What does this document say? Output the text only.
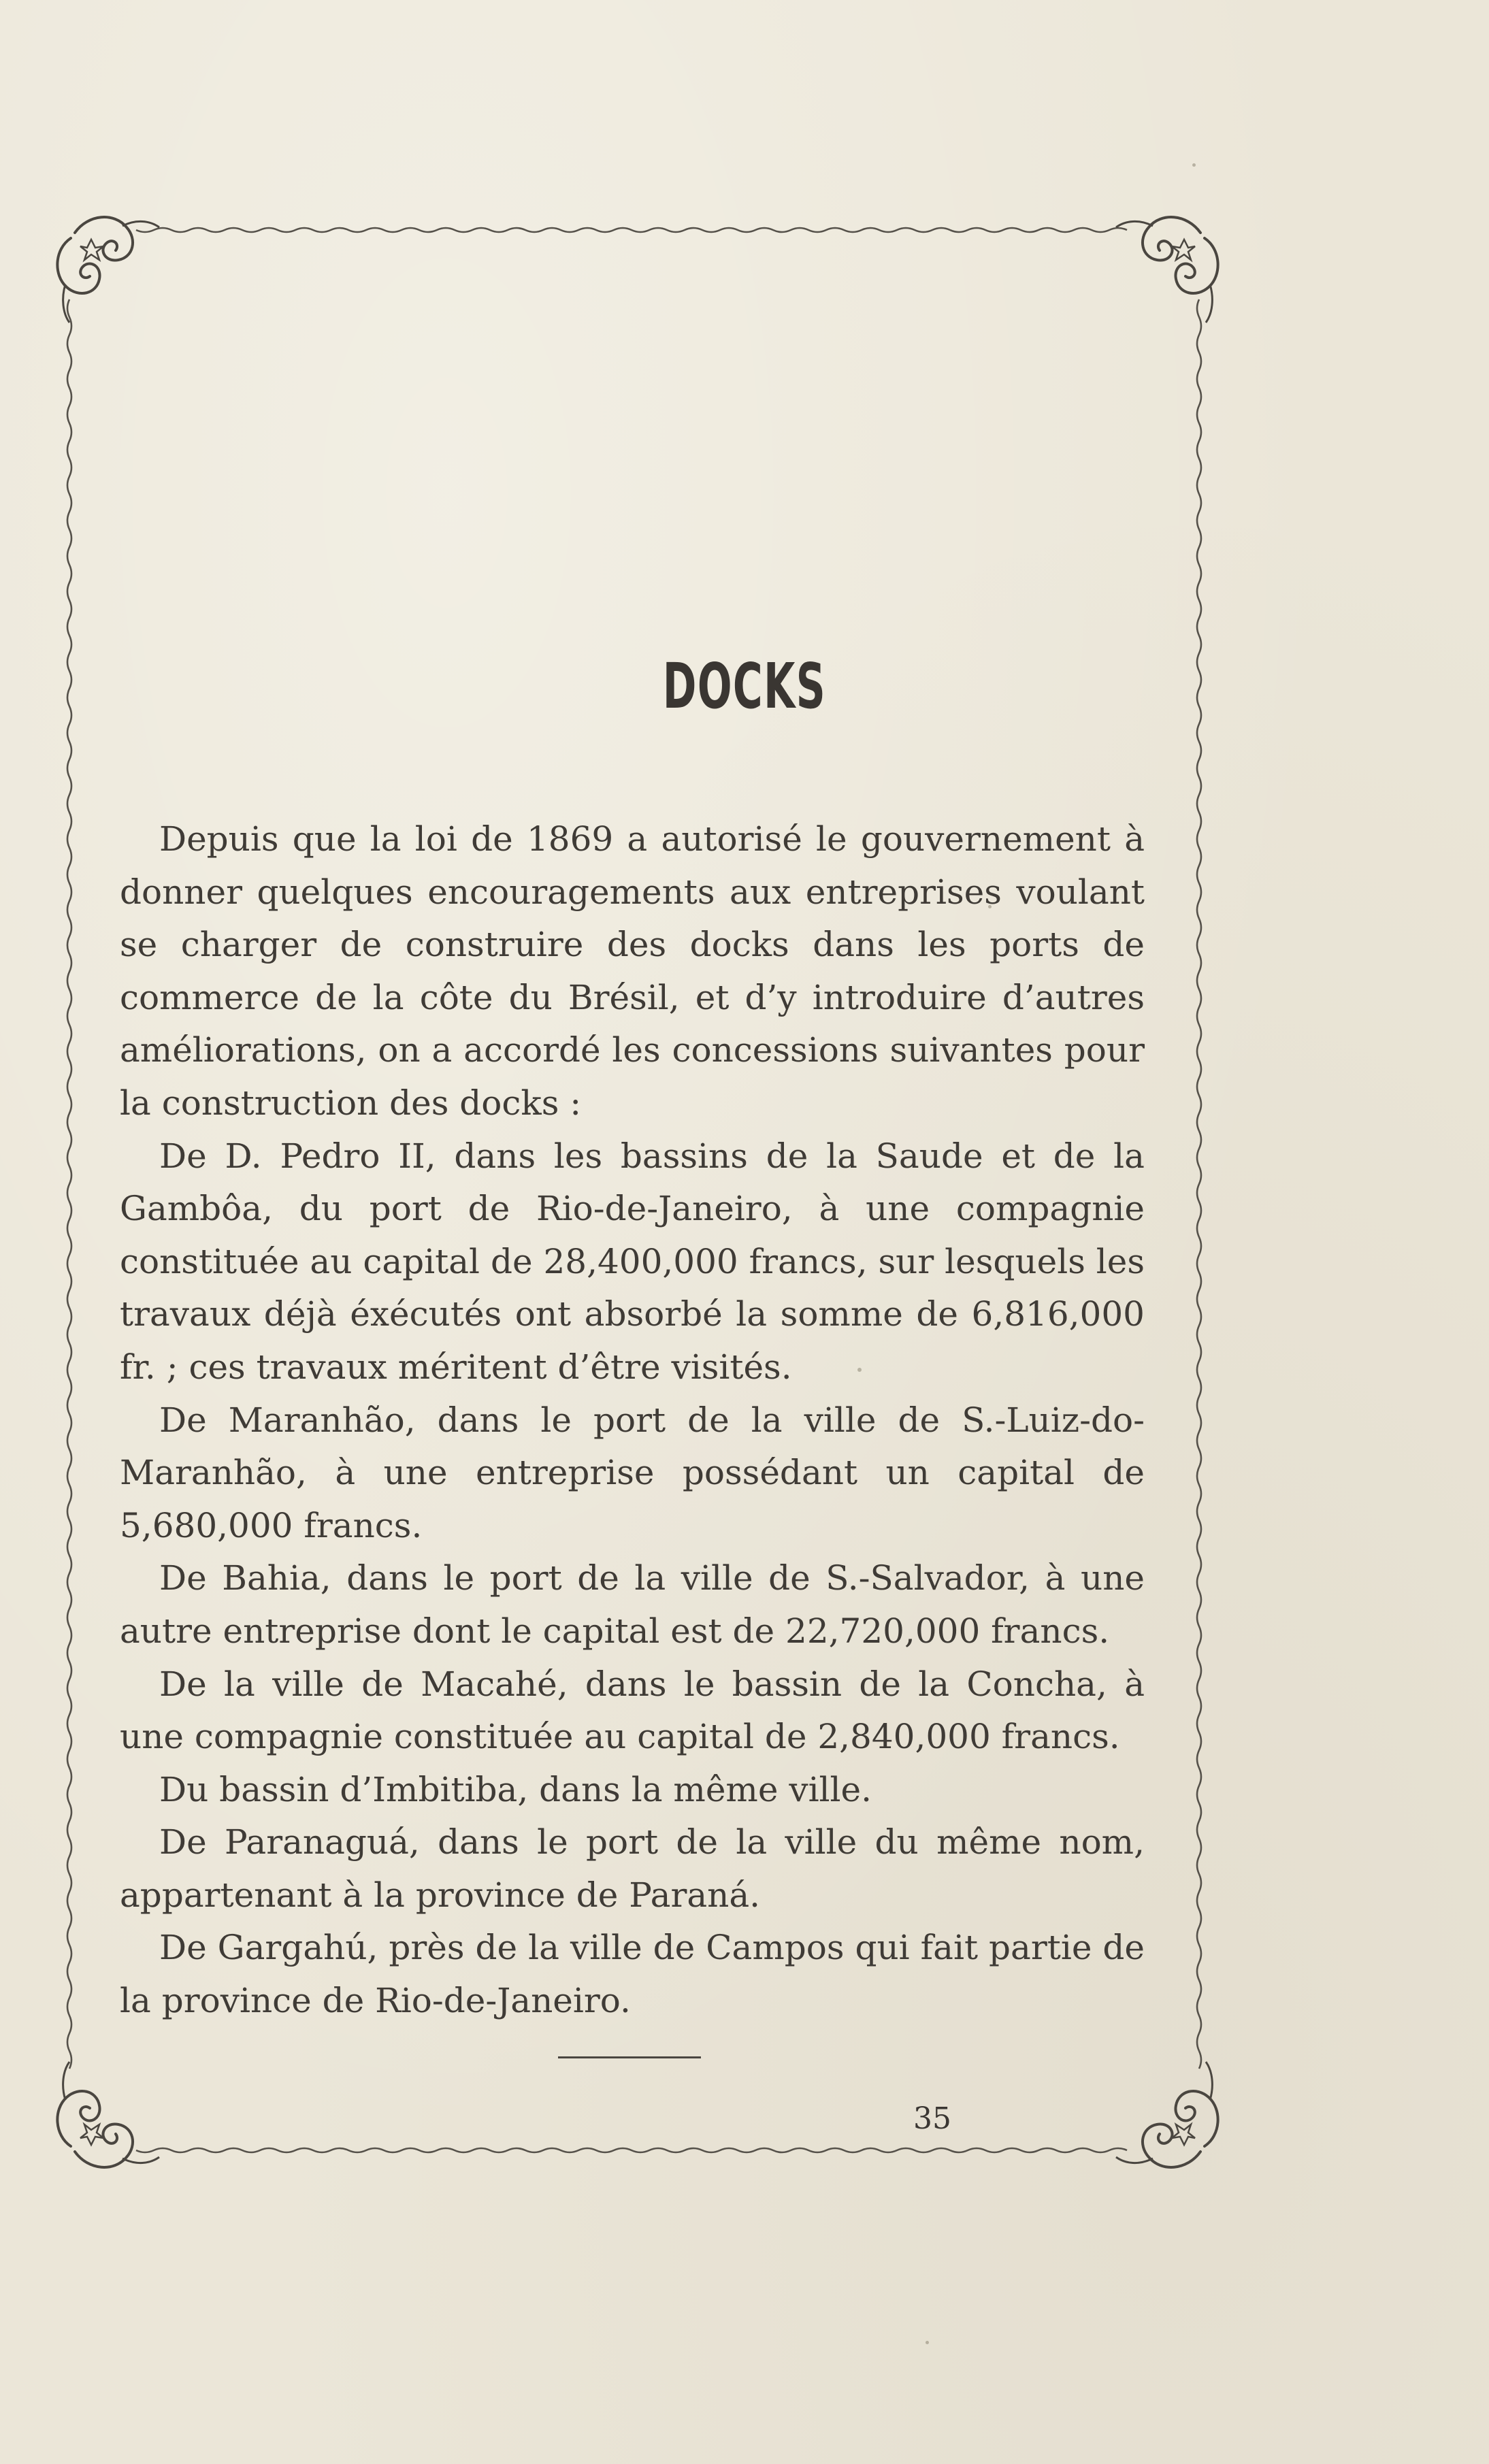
DOCKS

Depuis que la loi de 1869 a autorisé le gouvernement à donner quelques encouragements aux entreprises voulant se charger de construire des docks dans les ports de commerce de la côte du Brésil, et d’y introduire d’autres améliorations, on a accordé les concessions suivantes pour la construction des docks :

De D. Pedro II, dans les bassins de la Saude et de la Gambôa, du port de Rio-de-Janeiro, à une compagnie constituée au capital de 28,400,000 francs, sur lesquels les travaux déjà éxécutés ont absorbé la somme de 6,816,000 fr. ; ces travaux méritent d’être visités.

De Maranhão, dans le port de la ville de S.-Luiz-do-Maranhão, à une entreprise possédant un capital de 5,680,000 francs.

De Bahia, dans le port de la ville de S.-Salvador, à une autre entreprise dont le capital est de 22,720,000 francs.

De la ville de Macahé, dans le bassin de la Concha, à une compagnie constituée au capital de 2,840,000 francs.

Du bassin d’Imbitiba, dans la même ville.

De Paranaguá, dans le port de la ville du même nom, appartenant à la province de Paraná.

De Gargahú, près de la ville de Campos qui fait partie de la province de Rio-de-Janeiro.

35
